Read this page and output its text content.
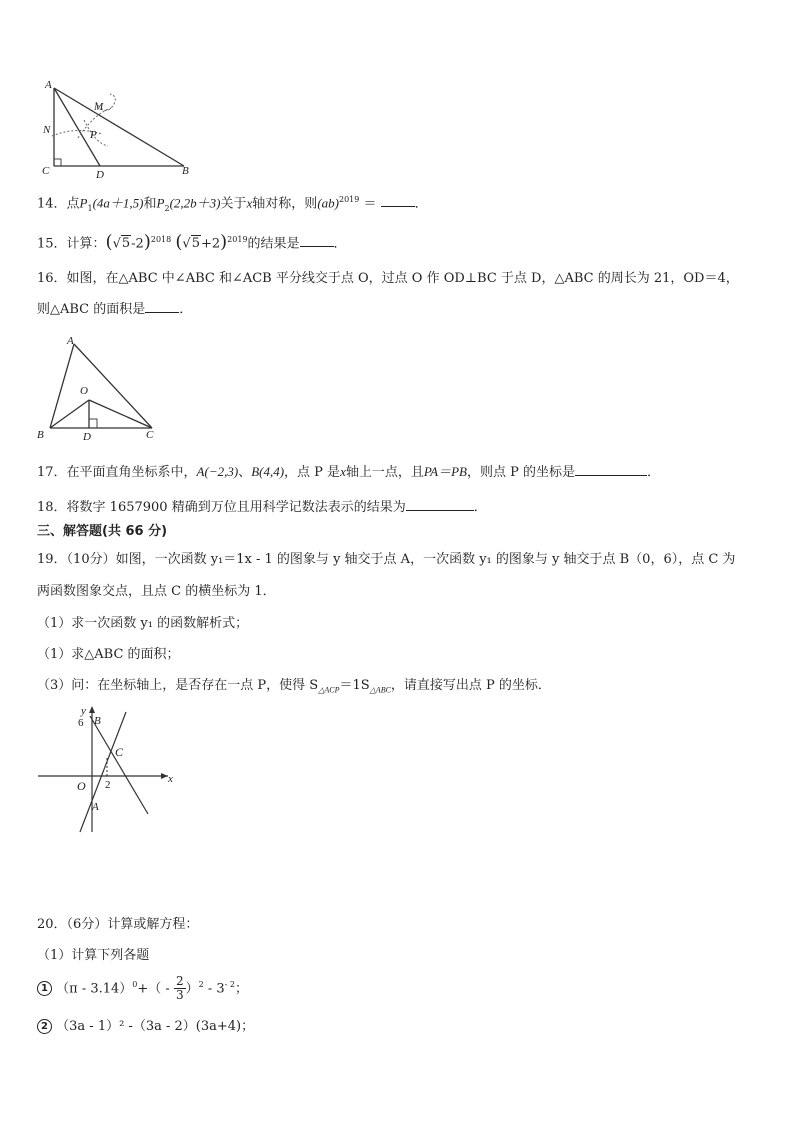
A
M
N	P
C	D	B
14．点$P_1(4a+1,5)$和$P_2(2,2b+3)$关于x轴对称，则(ab)$^{2019}$ ＝	．
15．计算：$(√5-2)^{2018}$ $(√5+2)^{2019}$的结果是	．
16．如图，在△ABC 中∠ABC 和∠ACB 平分线交于点 O，过点 O 作 OD⊥BC 于点 D，△ABC 的周长为 21，OD＝4，
则△ABC 的面积是	．
A
O
B	D	C
17．在平面直角坐标系中，A(−2,3)、B(4,4)，点 P 是x轴上一点，且PA＝PB，则点 P 的坐标是	．
18．将数字 1657900 精确到万位且用科学记数法表示的结果为	．
三、解答题(共 66 分)
19．（10分）如图，一次函数 y₁＝1x - 1 的图象与 y 轴交于点 A，一次函数 y₁ 的图象与 y 轴交于点 B（0，6），点 C 为
两函数图象交点，且点 C 的横坐标为 1．
（1）求一次函数 y₁ 的函数解析式；
（1）求△ABC 的面积；
（3）问：在坐标轴上，是否存在一点 P，使得 $S_{\triangle ACP}=1S_{\triangle ABC}$，请直接写出点 P 的坐标．
y
6 B
C
x
O 2
A
20．（6分）计算或解方程：
（1）计算下列各题
1 $(\pi - 3.14)^0+( - \frac{2}{3} )^2 - 3^{- 2}$；
2 （3a - 1）² -（3a - 2）(3a+4)；
